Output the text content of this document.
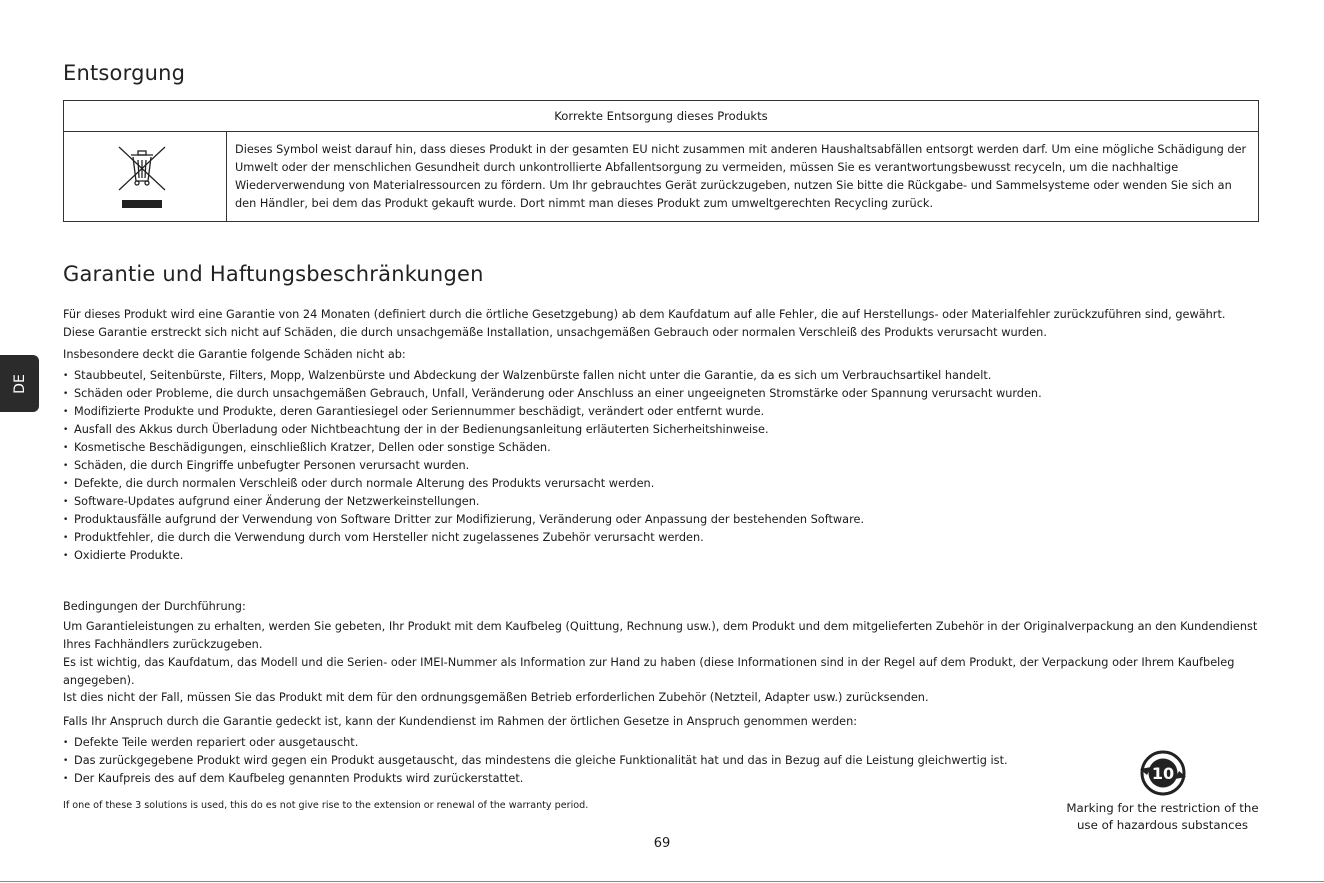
DE
Entsorgung
Korrekte Entsorgung dieses Produkts
Dieses Symbol weist darauf hin, dass dieses Produkt in der gesamten EU nicht zusammen mit anderen Haushaltsabfällen entsorgt werden darf. Um eine mögliche Schädigung der Umwelt oder der menschlichen Gesundheit durch unkontrollierte Abfallentsorgung zu vermeiden, müssen Sie es verantwortungsbewusst recyceln, um die nachhaltige Wiederverwendung von Materialressourcen zu fördern. Um Ihr gebrauchtes Gerät zurückzugeben, nutzen Sie bitte die Rückgabe- und Sammelsysteme oder wenden Sie sich an den Händler, bei dem das Produkt gekauft wurde. Dort nimmt man dieses Produkt zum umweltgerechten Recycling zurück.
Garantie und Haftungsbeschränkungen
Für dieses Produkt wird eine Garantie von 24 Monaten (definiert durch die örtliche Gesetzgebung) ab dem Kaufdatum auf alle Fehler, die auf Herstellungs- oder Materialfehler zurückzuführen sind, gewährt. Diese Garantie erstreckt sich nicht auf Schäden, die durch unsachgemäße Installation, unsachgemäßen Gebrauch oder normalen Verschleiß des Produkts verursacht wurden.
Insbesondere deckt die Garantie folgende Schäden nicht ab:
• Staubbeutel, Seitenbürste, Filters, Mopp, Walzenbürste und Abdeckung der Walzenbürste fallen nicht unter die Garantie, da es sich um Verbrauchsartikel handelt.
• Schäden oder Probleme, die durch unsachgemäßen Gebrauch, Unfall, Veränderung oder Anschluss an einer ungeeigneten Stromstärke oder Spannung verursacht wurden.
• Modifizierte Produkte und Produkte, deren Garantiesiegel oder Seriennummer beschädigt, verändert oder entfernt wurde.
• Ausfall des Akkus durch Überladung oder Nichtbeachtung der in der Bedienungsanleitung erläuterten Sicherheitshinweise.
• Kosmetische Beschädigungen, einschließlich Kratzer, Dellen oder sonstige Schäden.
• Schäden, die durch Eingriffe unbefugter Personen verursacht wurden.
• Defekte, die durch normalen Verschleiß oder durch normale Alterung des Produkts verursacht werden.
• Software-Updates aufgrund einer Änderung der Netzwerkeinstellungen.
• Produktausfälle aufgrund der Verwendung von Software Dritter zur Modifizierung, Veränderung oder Anpassung der bestehenden Software.
• Produktfehler, die durch die Verwendung durch vom Hersteller nicht zugelassenes Zubehör verursacht werden.
• Oxidierte Produkte.
Bedingungen der Durchführung:
Um Garantieleistungen zu erhalten, werden Sie gebeten, Ihr Produkt mit dem Kaufbeleg (Quittung, Rechnung usw.), dem Produkt und dem mitgelieferten Zubehör in der Originalverpackung an den Kundendienst Ihres Fachhändlers zurückzugeben.
Es ist wichtig, das Kaufdatum, das Modell und die Serien- oder IMEI-Nummer als Information zur Hand zu haben (diese Informationen sind in der Regel auf dem Produkt, der Verpackung oder Ihrem Kaufbeleg angegeben).
Ist dies nicht der Fall, müssen Sie das Produkt mit dem für den ordnungsgemäßen Betrieb erforderlichen Zubehör (Netzteil, Adapter usw.) zurücksenden.
Falls Ihr Anspruch durch die Garantie gedeckt ist, kann der Kundendienst im Rahmen der örtlichen Gesetze in Anspruch genommen werden:
• Defekte Teile werden repariert oder ausgetauscht.
• Das zurückgegebene Produkt wird gegen ein Produkt ausgetauscht, das mindestens die gleiche Funktionalität hat und das in Bezug auf die Leistung gleichwertig ist.
• Der Kaufpreis des auf dem Kaufbeleg genannten Produkts wird zurückerstattet.
If one of these 3 solutions is used, this do es not give rise to the extension or renewal of the warranty period.
10
Marking for the restriction of the
use of hazardous substances
69
